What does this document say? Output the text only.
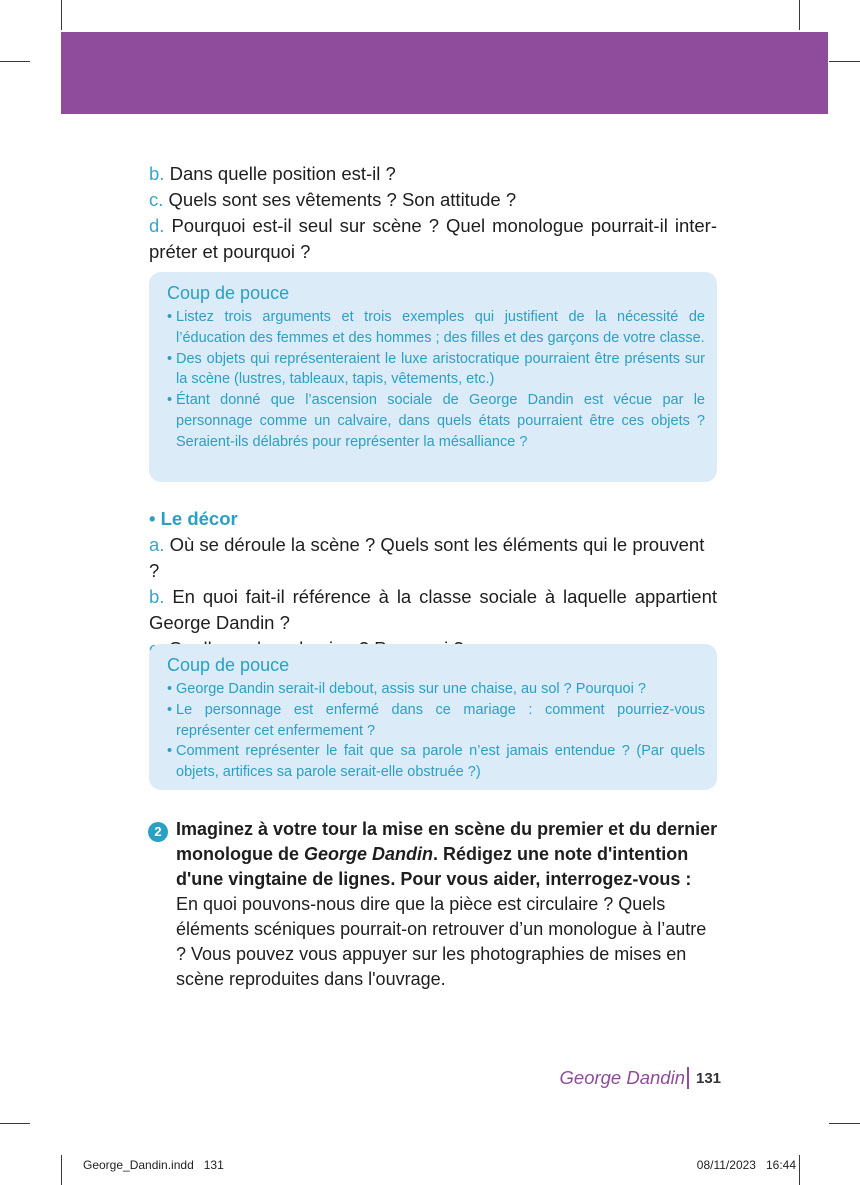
b. Dans quelle position est-il ?

c. Quels sont ses vêtements ? Son attitude ?

d. Pourquoi est-il seul sur scène ? Quel monologue pourrait-il inter-préter et pourquoi ?

Coup de pouce

• Listez trois arguments et trois exemples qui justifient de la nécessité de l’éducation des femmes et des hommes ; des filles et des garçons de votre classe.
• Des objets qui représenteraient le luxe aristocratique pourraient être présents sur la scène (lustres, tableaux, tapis, vêtements, etc.)
• Étant donné que l’ascension sociale de George Dandin est vécue par le personnage comme un calvaire, dans quels états pourraient être ces objets ? Seraient-ils délabrés pour représenter la mésalliance ?

• Le décor

a. Où se déroule la scène ? Quels sont les éléments qui le prouvent ?

b. En quoi fait-il référence à la classe sociale à laquelle appartient George Dandin ?

Coup de pouce

• George Dandin serait-il debout, assis sur une chaise, au sol ? Pourquoi ?
• Le personnage est enfermé dans ce mariage : comment pourriez-vous représenter cet enfermement ?
• Comment représenter le fait que sa parole n’est jamais entendue ? (Par quels objets, artifices sa parole serait-elle obstruée ?)
2 Imaginez à votre tour la mise en scène du premier et du dernier monologue de George Dandin. Rédigez une note d'intention d'une vingtaine de lignes. Pour vous aider, interrogez-vous :

En quoi pouvons-nous dire que la pièce est circulaire ? Quels éléments scéniques pourrait-on retrouver d’un monologue à l’autre ? Vous pouvez vous appuyer sur les photographies de mises en scène reproduites dans l'ouvrage.

George Dandin 131
George_Dandin.indd   131	08/11/2023   16:44
